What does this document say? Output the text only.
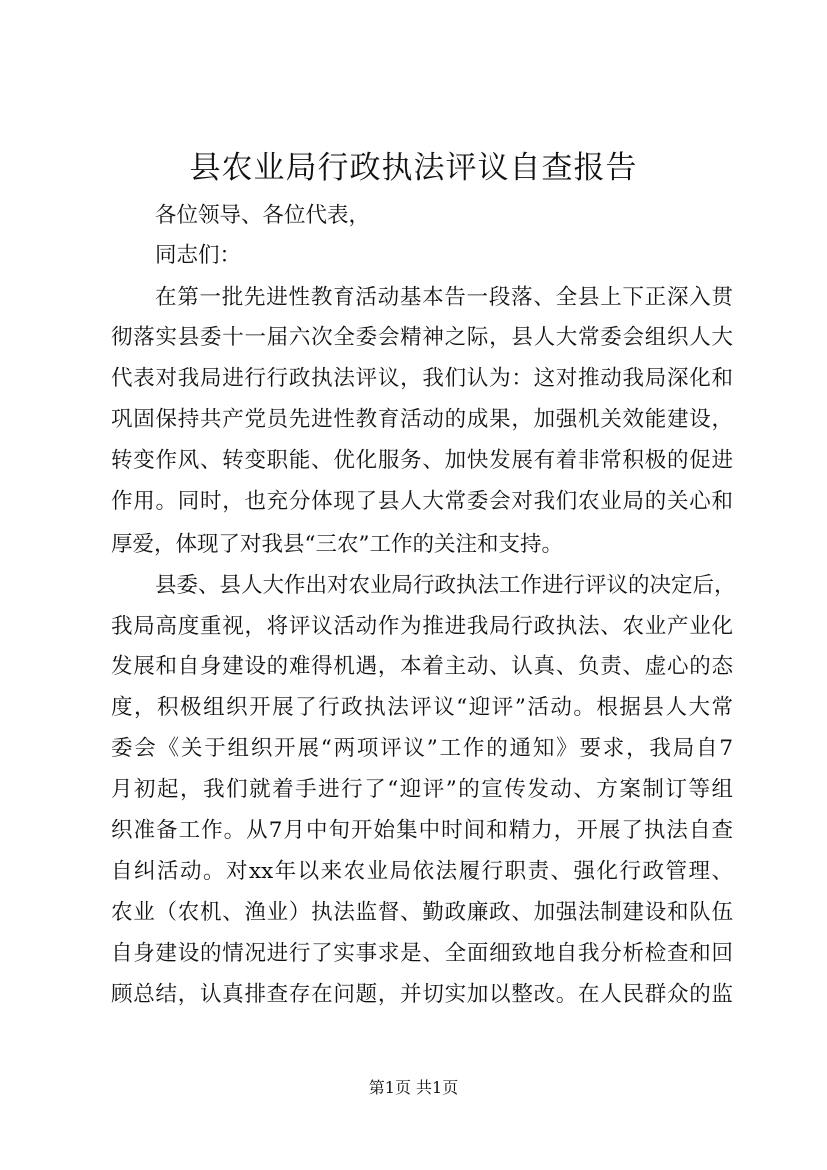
县农业局行政执法评议自查报告
各位领导、各位代表，
同志们：
在第一批先进性教育活动基本告一段落、全县上下正深入贯
彻落实县委十一届六次全委会精神之际，县人大常委会组织人大
代表对我局进行行政执法评议，我们认为：这对推动我局深化和
巩固保持共产党员先进性教育活动的成果，加强机关效能建设，
转变作风、转变职能、优化服务、加快发展有着非常积极的促进
作用。同时，也充分体现了县人大常委会对我们农业局的关心和
厚爱，体现了对我县“三农”工作的关注和支持。
县委、县人大作出对农业局行政执法工作进行评议的决定后，
我局高度重视，将评议活动作为推进我局行政执法、农业产业化
发展和自身建设的难得机遇，本着主动、认真、负责、虚心的态
度，积极组织开展了行政执法评议“迎评”活动。根据县人大常
委会《关于组织开展“两项评议”工作的通知》要求，我局自7
月初起，我们就着手进行了“迎评”的宣传发动、方案制订等组
织准备工作。从7月中旬开始集中时间和精力，开展了执法自查
自纠活动。对xx年以来农业局依法履行职责、强化行政管理、
农业（农机、渔业）执法监督、勤政廉政、加强法制建设和队伍
自身建设的情况进行了实事求是、全面细致地自我分析检查和回
顾总结，认真排查存在问题，并切实加以整改。在人民群众的监
第1页 共1页
